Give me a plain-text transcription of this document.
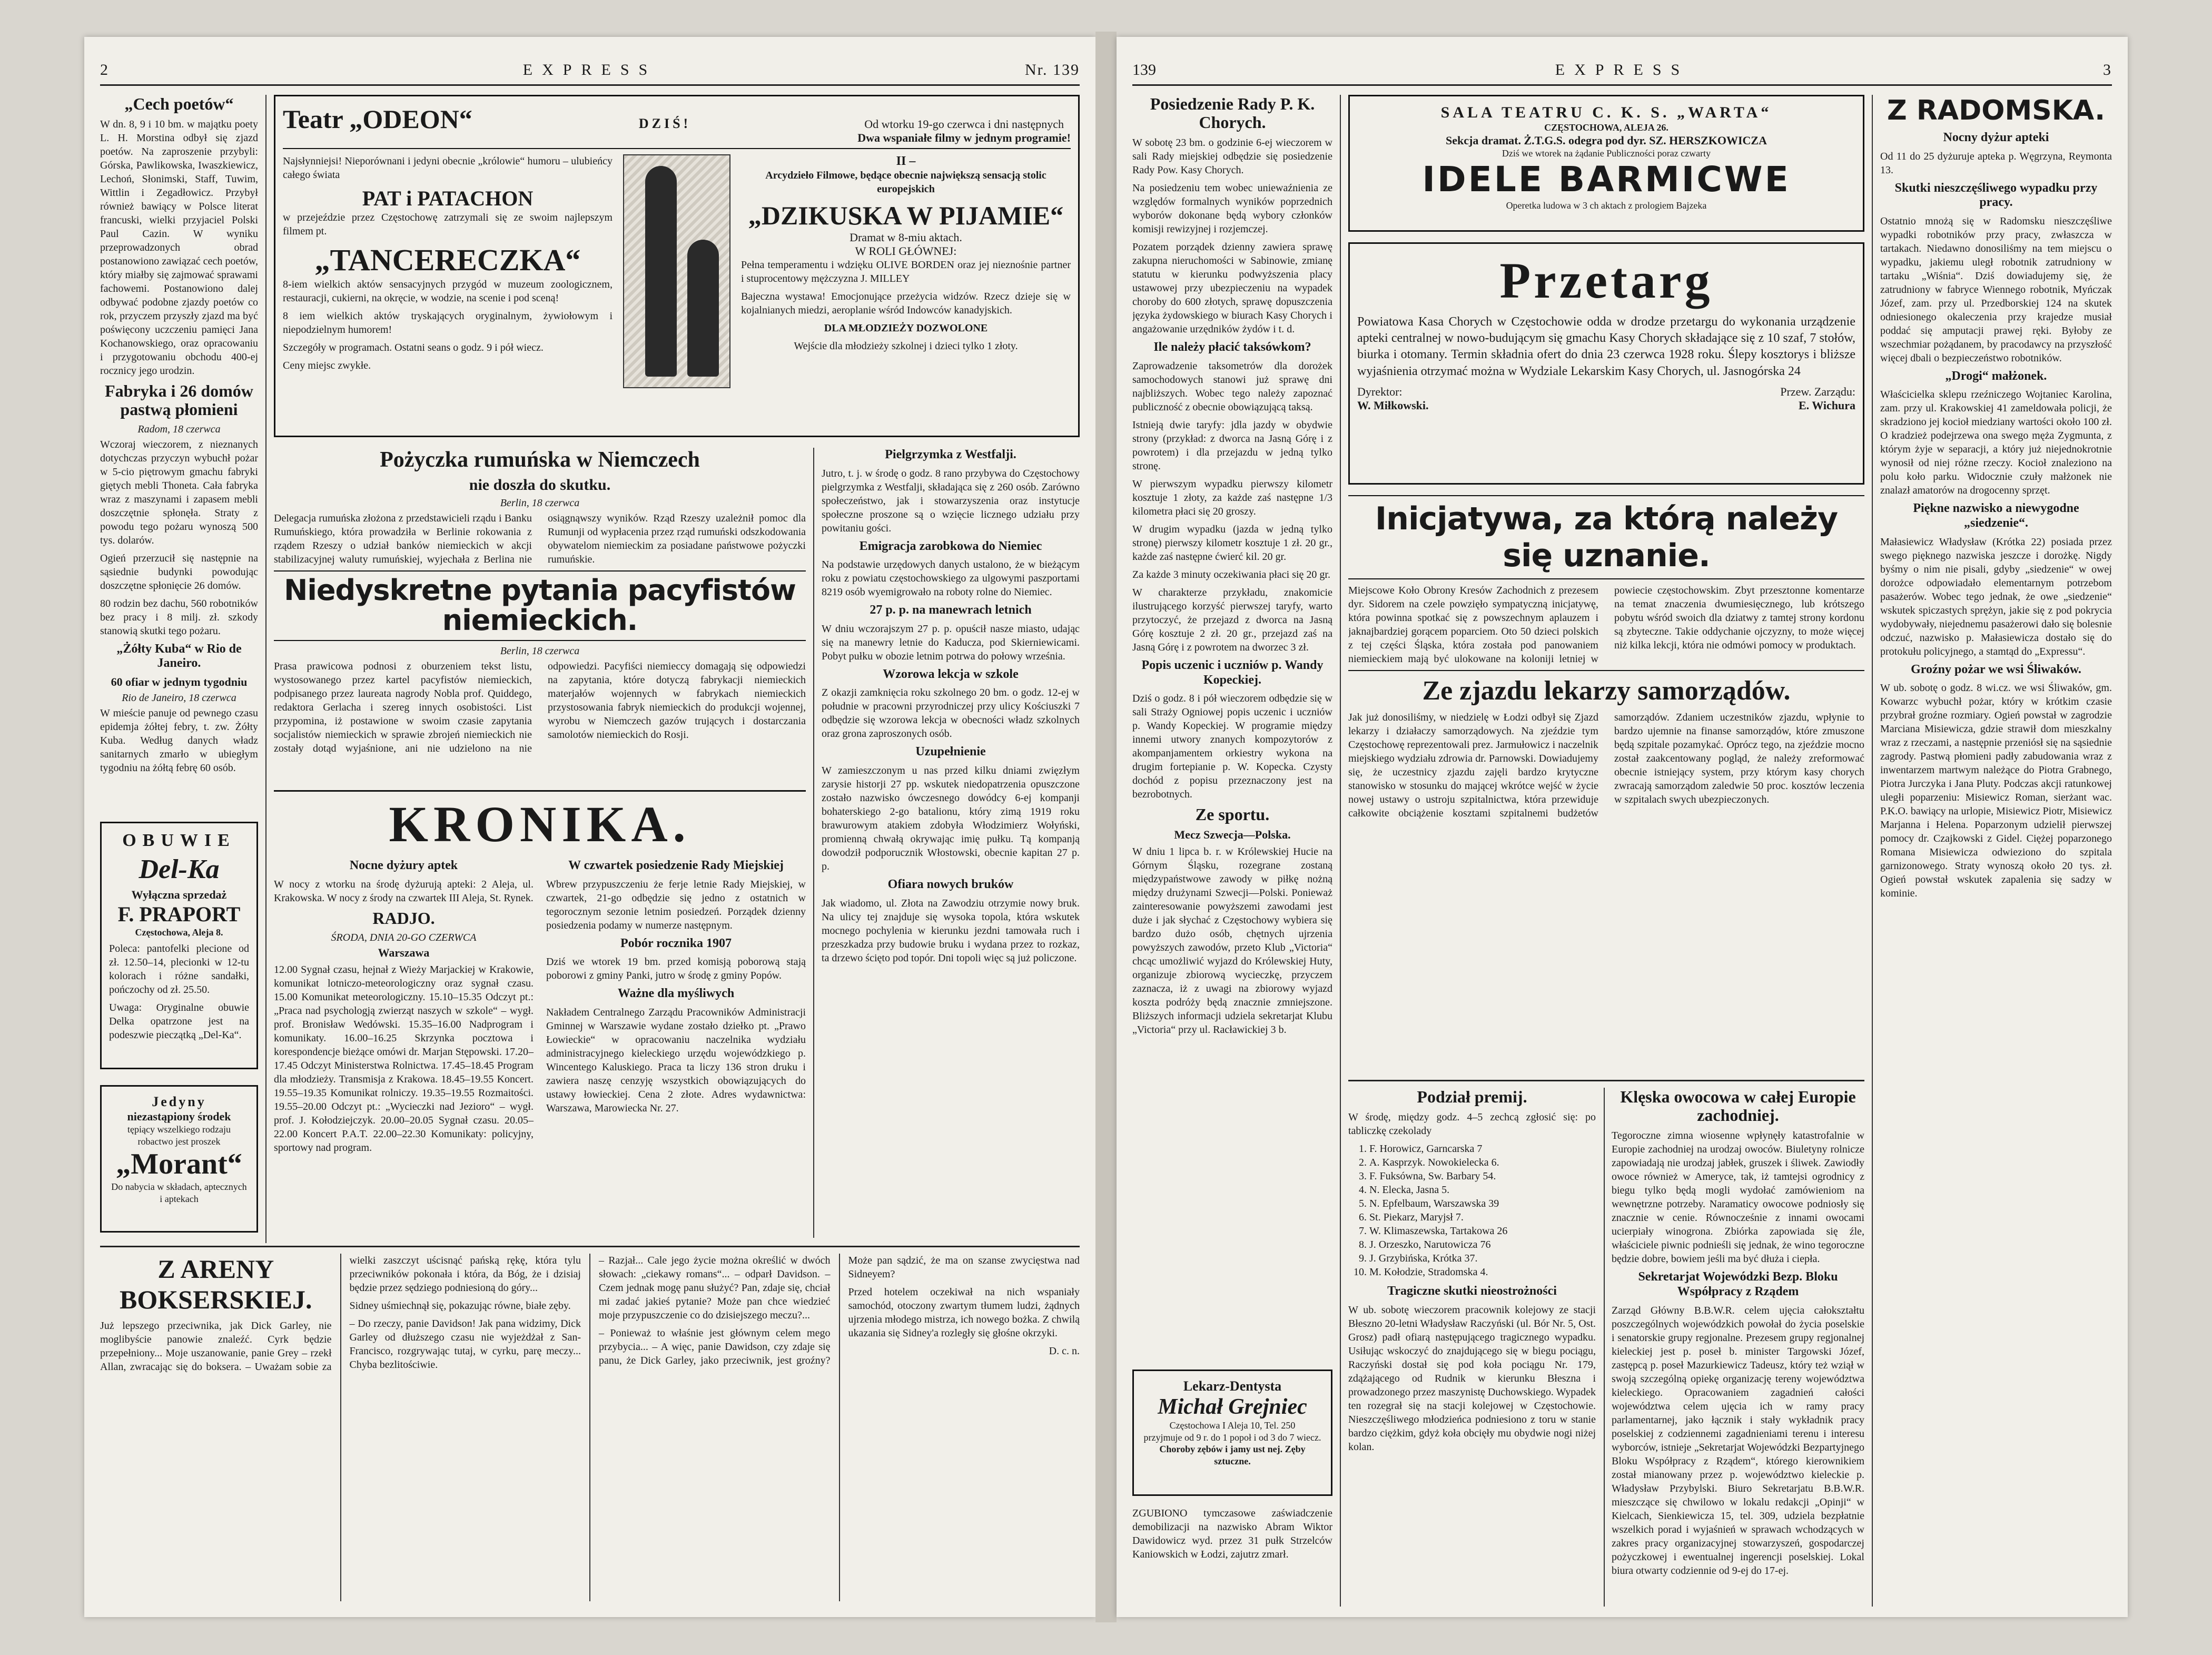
2	EXPRESS	Nr. 139
„Cech poetów“

W dn. 8, 9 i 10 bm. w majątku poety L. H. Morstina odbył się zjazd poetów. Na zaproszenie przybyli: Górska, Pawlikowska, Iwaszkiewicz, Lechoń, Słonimski, Staff, Tuwim, Wittlin i Zegadłowicz. Przybył również bawiący w Polsce literat francuski, wielki przyjaciel Polski Paul Cazin. W wyniku przeprowadzonych obrad postanowiono zawiązać cech poetów, który miałby się zajmować sprawami fachowemi. Postanowiono dalej odbywać podobne zjazdy poetów co rok, przyczem przyszły zjazd ma być poświęcony uczczeniu pamięci Jana Kochanowskiego, oraz opracowaniu i przygotowaniu obchodu 400-ej rocznicy jego urodzin.

Fabryka i 26 domów pastwą płomieni

Radom, 18 czerwca

Wczoraj wieczorem, z nieznanych dotychczas przyczyn wybuchł pożar w 5-cio piętrowym gmachu fabryki giętych mebli Thoneta. Cała fabryka wraz z maszynami i zapasem mebli doszczętnie spłonęła. Straty z powodu tego pożaru wynoszą 500 tys. dolarów.

Ogień przerzucił się następnie na sąsiednie budynki powodując doszczętne spłonięcie 26 domów.

80 rodzin bez dachu, 560 robotników bez pracy i 8 milj. zł. szkody stanowią skutki tego pożaru.

„Żółty Kuba“ w Rio de Janeiro.

60 ofiar w jednym tygodniu

Rio de Janeiro, 18 czerwca

W mieście panuje od pewnego czasu epidemja żółtej febry, t. zw. Żółty Kuba. Według danych władz sanitarnych zmarło w ubiegłym tygodniu na żółtą febrę 60 osób.

OBUWIE
Del-Ka
Wyłączna sprzedaż
F. PRAPORT
Częstochowa, Aleja 8.

Poleca: pantofelki plecione od zł. 12.50–14, plecionki w 12-tu kolorach i różne sandałki, pończochy od zł. 25.50.

Uwaga: Oryginalne obuwie Delka opatrzone jest na podeszwie pieczątką „Del-Ka“.

Jedyny
niezastąpiony środek
tępiący wszelkiego rodzaju robactwo jest proszek
„Morant“
Do nabycia w składach, aptecznych i aptekach
Teatr „ODEON“	DZIŚ!	Od wtorku 19-go czerwca i dni następnych
Dwa wspaniałe filmy w jednym programie!

Najsłynniejsi! Nieporównani i jedyni obecnie „królowie“ humoru – ulubieńcy całego świata

PAT i PATACHON

w przejeździe przez Częstochowę zatrzymali się ze swoim najlepszym filmem pt.

„TANCERECZKA“

8-iem wielkich aktów sensacyjnych przygód w muzeum zoologicznem, restauracji, cukierni, na okręcie, w wodzie, na scenie i pod sceną!

8 iem wielkich aktów tryskających oryginalnym, żywiołowym i niepodzielnym humorem!

Szczegóły w programach. Ostatni seans o godz. 9 i pół wiecz.

Ceny miejsc zwykłe.

II –

Arcydzieło Filmowe, będące obecnie największą sensacją stolic europejskich

„DZIKUSKA W PIJAMIE“
Dramat w 8-miu aktach.
W ROLI GŁÓWNEJ:

Pełna temperamentu i wdzięku OLIVE BORDEN oraz jej nieznośnie partner i stuprocentowy mężczyzna J. MILLEY

Bajeczna wystawa! Emocjonujące przeżycia widzów. Rzecz dzieje się w kojalnianych miedzi, aeroplanie wśród Indowców kanadyjskich.

DLA MŁODZIEŻY DOZWOLONE

Wejście dla młodzieży szkolnej i dzieci tylko 1 złoty.

Pożyczka rumuńska w Niemczech

nie doszła do skutku.

Berlin, 18 czerwca

Delegacja rumuńska złożona z przedstawicieli rządu i Banku Rumuńskiego, która prowadziła w Berlinie rokowania z rządem Rzeszy o udział banków niemieckich w akcji stabilizacyjnej waluty rumuńskiej, wyjechała z Berlina nie osiągnąwszy wyników. Rząd Rzeszy uzależnił pomoc dla Rumunji od wypłacenia przez rząd rumuński odszkodowania obywatelom niemieckim za posiadane państwowe pożyczki rumuńskie.

Niedyskretne pytania pacyfistów niemieckich.

Berlin, 18 czerwca

Prasa prawicowa podnosi z oburzeniem tekst listu, wystosowanego przez kartel pacyfistów niemieckich, podpisanego przez laureata nagrody Nobla prof. Quiddego, redaktora Gerlacha i szereg innych osobistości. List przypomina, iż postawione w swoim czasie zapytania socjalistów niemieckich w sprawie zbrojeń niemieckich nie zostały dotąd wyjaśnione, ani nie udzielono na nie odpowiedzi. Pacyfiści niemieccy domagają się odpowiedzi na zapytania, które dotyczą fabrykacji niemieckich materjałów wojennych w fabrykach niemieckich przystosowania fabryk niemieckich do produkcji wojennej, wyrobu w Niemczech gazów trujących i dostarczania samolotów niemieckich do Rosji.

Pielgrzymka z Westfalji.

Jutro, t. j. w środę o godz. 8 rano przybywa do Częstochowy pielgrzymka z Westfalji, składająca się z 260 osób. Zarówno społeczeństwo, jak i stowarzyszenia oraz instytucje społeczne proszone są o wzięcie licznego udziału przy powitaniu gości.

Emigracja zarobkowa do Niemiec

Na podstawie urzędowych danych ustalono, że w bieżącym roku z powiatu częstochowskiego za ulgowymi paszportami 8219 osób wyemigrowało na roboty rolne do Niemiec.

27 p. p. na manewrach letnich

W dniu wczorajszym 27 p. p. opuścił nasze miasto, udając się na manewry letnie do Kaducza, pod Skierniewicami. Pobyt pułku w obozie letnim potrwa do połowy września.

Wzorowa lekcja w szkole

Z okazji zamknięcia roku szkolnego 20 bm. o godz. 12-ej w południe w pracowni przyrodniczej przy ulicy Kościuszki 7 odbędzie się wzorowa lekcja w obecności władz szkolnych oraz grona zaproszonych osób.

Uzupełnienie

W zamieszczonym u nas przed kilku dniami zwięzłym zarysie historji 27 pp. wskutek niedopatrzenia opuszczone zostało nazwisko ówczesnego dowódcy 6-ej kompanji bohaterskiego 2-go batalionu, który zimą 1919 roku brawurowym atakiem zdobyła Włodzimierz Wołyński, promienną chwałą okrywając imię pułku. Tą kompanją dowodził podporucznik Włostowski, obecnie kapitan 27 p. p.

Ofiara nowych bruków

Jak wiadomo, ul. Złota na Zawodziu otrzymie nowy bruk. Na ulicy tej znajduje się wysoka topola, która wskutek mocnego pochylenia w kierunku jezdni tamowała ruch i przeszkadza przy budowie bruku i wydana przez to rozkaz, ta drzewo ścięto pod topór. Dni topoli więc są już policzone.

KRONIKA.
Nocne dyżury aptek

W nocy z wtorku na środę dyżurują apteki: 2 Aleja, ul. Krakowska. W nocy z środy na czwartek III Aleja, St. Rynek.

RADJO.

ŚRODA, DNIA 20-GO CZERWCA

Warszawa

12.00 Sygnał czasu, hejnał z Wieży Marjackiej w Krakowie, komunikat lotniczo-meteorologiczny oraz sygnał czasu. 15.00 Komunikat meteorologiczny. 15.10–15.35 Odczyt pt.: „Praca nad psychologją zwierząt naszych w szkole“ – wygł. prof. Bronisław Wedówski. 15.35–16.00 Nadprogram i komunikaty. 16.00–16.25 Skrzynka pocztowa i korespondencje bieżące omówi dr. Marjan Stępowski. 17.20–17.45 Odczyt Ministerstwa Rolnictwa. 17.45–18.45 Program dla młodzieży. Transmisja z Krakowa. 18.45–19.55 Koncert. 19.55–19.35 Komunikat rolniczy. 19.35–19.55 Rozmaitości. 19.55–20.00 Odczyt pt.: „Wycieczki nad Jezioro“ – wygł. prof. J. Kołodziejczyk. 20.00–20.05 Sygnał czasu. 20.05–22.00 Koncert P.A.T. 22.00–22.30 Komunikaty: policyjny, sportowy nad program.

W czwartek posiedzenie Rady Miejskiej

Wbrew przypuszczeniu że ferje letnie Rady Miejskiej, w czwartek, 21-go odbędzie się jedno z ostatnich w tegorocznym sezonie letnim posiedzeń. Porządek dzienny posiedzenia podamy w numerze następnym.

Pobór rocznika 1907

Dziś we wtorek 19 bm. przed komisją poborową stają poborowi z gminy Panki, jutro w środę z gminy Popów.

Ważne dla myśliwych

Nakładem Centralnego Zarządu Pracowników Administracji Gminnej w Warszawie wydane zostało dziełko pt. „Prawo Łowieckie“ w opracowaniu naczelnika wydziału administracyjnego kieleckiego urzędu wojewódzkiego p. Wincentego Kaluskiego. Praca ta liczy 136 stron druku i zawiera naszę cenzyję wszystkich obowiązujących do ustawy łowieckiej. Cena 2 złote. Adres wydawnictwa: Warszawa, Marowiecka Nr. 27.

Z ARENY BOKSERSKIEJ.

Już lepszego przeciwnika, jak Dick Garley, nie moglibyście panowie znaleźć. Cyrk będzie przepełniony... Moje uszanowanie, panie Grey – rzekł Allan, zwracając się do boksera. – Uważam sobie za wielki zaszczyt uścisnąć pańską rękę, która tylu przeciwników pokonała i która, da Bóg, że i dzisiaj będzie przez sędziego podniesioną do góry...

Sidney uśmiechnął się, pokazując równe, białe zęby.

– Do rzeczy, panie Davidson! Jak pana widzimy, Dick Garley od dłuższego czasu nie wyjeżdżał z San-Francisco, rozgrywając tutaj, w cyrku, parę meczy... Chyba bezlitościwie.

– Razjał... Cale jego życie można określić w dwóch słowach: „ciekawy romans“... – odparł Davidson. – Czem jednak mogę panu służyć? Pan, zdaje się, chciał mi zadać jakieś pytanie? Może pan chce wiedzieć moje przypuszczenie co do dzisiejszego meczu?...

– Ponieważ to właśnie jest głównym celem mego przybycia... – A więc, panie Dawidson, czy zdaje się panu, że Dick Garley, jako przeciwnik, jest groźny? Może pan sądzić, że ma on szanse zwycięstwa nad Sidneyem?

Przed hotelem oczekiwał na nich wspaniały samochód, otoczony zwartym tłumem ludzi, żądnych ujrzenia młodego mistrza, ich nowego bożka. Z chwilą ukazania się Sidney'a rozległy się głośne okrzyki.

D. c. n.

139	EXPRESS	3
Posiedzenie Rady P. K. Chorych.

W sobotę 23 bm. o godzinie 6-ej wieczorem w sali Rady miejskiej odbędzie się posiedzenie Rady Pow. Kasy Chorych.

Na posiedzeniu tem wobec uniewaźnienia ze względów formalnych wyników poprzednich wyborów dokonane będą wybory członków komisji rewizyjnej i rozjemczej.

Pozatem porządek dzienny zawiera sprawę zakupna nieruchomości w Sabinowie, zmianę statutu w kierunku podwyższenia placy ustawowej przy ubezpieczeniu na wypadek choroby do 600 złotych, sprawę dopuszczenia języka żydowskiego w biurach Kasy Chorych i angażowanie urzędników żydów i t. d.

Ile należy płacić taksówkom?

Zaprowadzenie taksometrów dla dorożek samochodowych stanowi już sprawę dni najbliższych. Wobec tego należy zapoznać publiczność z obecnie obowiązującą taksą.

Istnieją dwie taryfy: jdla jazdy w obydwie strony (przykład: z dworca na Jasną Górę i z powrotem) i dla przejazdu w jedną tylko stronę.

W pierwszym wypadku pierwszy kilometr kosztuje 1 złoty, za każde zaś następne 1/3 kilometra płaci się 20 groszy.

W drugim wypadku (jazda w jedną tylko stronę) pierwszy kilometr kosztuje 1 zł. 20 gr., każde zaś następne ćwierć kil. 20 gr.

Za każde 3 minuty oczekiwania płaci się 20 gr.

W charakterze przykładu, znakomicie ilustrującego korzyść pierwszej taryfy, warto przytoczyć, że przejazd z dworca na Jasną Górę kosztuje 2 zł. 20 gr., przejazd zaś na Jasną Górę i z powrotem na dworzec 3 zł.

Popis uczenic i uczniów p. Wandy Kopeckiej.

Dziś o godz. 8 i pół wieczorem odbędzie się w sali Straży Ogniowej popis uczenic i uczniów p. Wandy Kopeckiej. W programie między innemi utwory znanych kompozytorów z akompanjamentem orkiestry wykona na drugim fortepianie p. W. Kopecka. Czysty dochód z popisu przeznaczony jest na bezrobotnych.

Ze sportu.

Mecz Szwecja—Polska.

W dniu 1 lipca b. r. w Królewskiej Hucie na Górnym Śląsku, rozegrane zostaną międzypaństwowe zawody w piłkę nożną między drużynami Szwecji—Polski. Ponieważ zainteresowanie powyższemi zawodami jest duże i jak słychać z Częstochowy wybiera się bardzo dużo osób, chętnych ujrzenia powyższych zawodów, przeto Klub „Victoria“ chcąc umożliwić wyjazd do Królewskiej Huty, organizuje zbiorową wycieczkę, przyczem zaznacza, iż z uwagi na zbiorowy wyjazd koszta podróży będą znacznie zmniejszone. Bliższych informacji udziela sekretarjat Klubu „Victoria“ przy ul. Racławickiej 3 b.

Lekarz-Dentysta
Michał Grejniec
Częstochowa I Aleja 10, Tel. 250
przyjmuje od 9 r. do 1 popoł i od 3 do 7 wiecz.
Choroby zębów i jamy ust nej. Zęby sztuczne.

ZGUBIONO tymczasowe zaświadczenie demobilizacji na nazwisko Abram Wiktor Dawidowicz wyd. przez 31 pułk Strzelców Kaniowskich w Łodzi, zajutrz zmarł.

SALA TEATRU C. K. S. „WARTA“
CZĘSTOCHOWA, ALEJA 26.
Sekcja dramat. Ż.T.G.S. odegra pod dyr. SZ. HERSZKOWICZA
Dziś we wtorek na żądanie Publiczności poraz czwarty
IDELE BARMICWE
Operetka ludowa w 3 ch aktach z prologiem Bajzeka
Przetarg

Powiatowa Kasa Chorych w Częstochowie odda w drodze przetargu do wykonania urządzenie apteki centralnej w nowo-budującym się gmachu Kasy Chorych składające się z 10 szaf, 7 stołów, biurka i otomany. Termin składnia ofert do dnia 23 czerwca 1928 roku. Ślepy kosztorys i bliższe wyjaśnienia otrzymać można w Wydziale Lekarskim Kasy Chorych, ul. Jasnogórska 24

Dyrektor:
W. Miłkowski.
Przew. Zarządu:
E. Wichura
Inicjatywa, za którą należy się uznanie.

Miejscowe Koło Obrony Kresów Zachodnich z prezesem dyr. Sidorem na czele powzięło sympatyczną inicjatywę, która powinna spotkać się z powszechnym aplauzem i jaknajbardziej gorącem poparciem. Oto 50 dzieci polskich z tej części Śląska, która została pod panowaniem niemieckiem mają być ulokowane na koloniji letniej w powiecie częstochowskim. Zbyt przesztonne komentarze na temat znaczenia dwumiesięcznego, lub krótszego pobytu wśród swoich dla dziatwy z tamtej strony kordonu są zbyteczne. Takie oddychanie ojczyzny, to może więcej niż kilka lekcji, która nie odmówi pomocy w produktach.

Ze zjazdu lekarzy samorządów.

Jak już donosiliśmy, w niedzielę w Łodzi odbył się Zjazd lekarzy i działaczy samorządowych. Na zjeździe tym Częstochowę reprezentowali prez. Jarmułowicz i naczelnik miejskiego wydziału zdrowia dr. Parnowski. Dowiadujemy się, że uczestnicy zjazdu zajęli bardzo krytyczne stanowisko w stosunku do mającej wkrótce wejść w życie nowej ustawy o ustroju szpitalnictwa, która przewiduje całkowite obciążenie kosztami szpitalnemi budżetów samorządów. Zdaniem uczestników zjazdu, wpłynie to bardzo ujemnie na finanse samorządów, które zmuszone będą szpitale pozamykać. Oprócz tego, na zjeździe mocno został zaakcentowany pogląd, że należy zreformować obecnie istniejący system, przy którym kasy chorych zwracają samorządom zaledwie 50 proc. kosztów leczenia w szpitalach swych ubezpieczonych.

Podział premij.

W środę, między godz. 4–5 zechcą zgłosić się: po tabliczkę czekolady

1. F. Horowicz, Garncarska 7
2. A. Kasprzyk. Nowokielecka 6.
3. F. Fuksówna, Sw. Barbary 54.
4. N. Elecka, Jasna 5.
5. N. Epfelbaum, Warszawska 39
6. St. Piekarz, Maryjsł 7.
7. W. Klimaszewska, Tartakowa 26
8. J. Orzeszko, Narutowicza 76
9. J. Grzybińska, Krótka 37.
10. M. Kołodzie, Stradomska 4.
Tragiczne skutki nieostrożności

W ub. sobotę wieczorem pracownik kolejowy ze stacji Błeszno 20-letni Władysław Raczyński (ul. Bór Nr. 5, Ost. Grosz) padł ofiarą następującego tragicznego wypadku. Usiłując wskoczyć do znajdującego się w biegu pociągu, Raczyński dostał się pod koła pociągu Nr. 179, zdążającego od Rudnik w kierunku Błeszna i prowadzonego przez maszynistę Duchowskiego. Wypadek ten rozegrał się na stacji kolejowej w Częstochowie. Nieszczęśliwego młodzieńca podniesiono z toru w stanie bardzo ciężkim, gdyż koła obcięły mu obydwie nogi niżej kolan.

Klęska owocowa w całej Europie zachodniej.

Tegoroczne zimna wiosenne wpłynęły katastrofalnie w Europie zachodniej na urodzaj owoców. Biuletyny rolnicze zapowiadają nie urodzaj jabłek, gruszek i śliwek. Zawiodły owoce również w Ameryce, tak, iż tamtejsi ogrodnicy z biegu tylko będą mogli wydołać zamówieniom na wewnętrzne potrzeby. Naramaticy owocowe podniosły się znacznie w cenie. Równocześnie z innami owocami ucierpiały winogrona. Zbiórka zapowiada się źle, właściciele piwnic podnieśli się jednak, że wino tegoroczne będzie dobre, bowiem jeśli ma być dłuża i ciepła.

Sekretarjat Wojewódzki Bezp. Bloku Współpracy z Rządem

Zarząd Główny B.B.W.R. celem ujęcia całokształtu poszczególnych wojewódzkich powołał do życia poselskie i senatorskie grupy regjonalne. Prezesem grupy regjonalnej kieleckiej jest p. poseł b. minister Targowski Józef, zastępcą p. poseł Mazurkiewicz Tadeusz, który też wziął w swoją szczególną opiekę organizację tereny województwa kieleckiego. Opracowaniem zagadnień całości województwa celem ujęcia ich w ramy pracy parlamentarnej, jako łącznik i stały wykładnik pracy poselskiej z codziennemi zagadnieniami terenu i interesu wyborców, istnieje „Sekretarjat Wojewódzki Bezpartyjnego Bloku Współpracy z Rządem“, którego kierownikiem został mianowany przez p. województwo kieleckie p. Władysław Przybylski. Biuro Sekretarjatu B.B.W.R. mieszczące się chwilowo w lokalu redakcji „Opinji“ w Kielcach, Sienkiewicza 15, tel. 309, udziela bezpłatnie wszelkich porad i wyjaśnień w sprawach wchodzących w zakres pracy organizacyjnej stowarzyszeń, gospodarczej pożyczkowej i ewentualnej ingerencji poselskiej. Lokal biura otwarty codziennie od 9-ej do 17-ej.

Z RADOMSKA.
Nocny dyżur apteki

Od 11 do 25 dyżuruje apteka p. Węgrzyna, Reymonta 13.

Skutki nieszczęśliwego wypadku przy pracy.

Ostatnio mnożą się w Radomsku nieszczęśliwe wypadki robotników przy pracy, zwłaszcza w tartakach. Niedawno donosiliśmy na tem miejscu o wypadku, jakiemu uległ robotnik zatrudniony w tartaku „Wiśnia“. Dziś dowiadujemy się, że zatrudniony w fabryce Wiennego robotnik, Myńczak Józef, zam. przy ul. Przedborskiej 124 na skutek odniesionego okaleczenia przy krajedze musiał poddać się amputacji prawej ręki. Byłoby ze wszechmiar pożądanem, by pracodawcy na przyszłość więcej dbali o bezpieczeństwo robotników.

„Drogi“ małżonek.

Właścicielka sklepu rzeźniczego Wojtaniec Karolina, zam. przy ul. Krakowskiej 41 zameldowała policji, że skradziono jej kocioł miedziany wartości około 100 zł. O kradzież podejrzewa ona swego męża Zygmunta, z którym żyje w separacji, a który już niejednokrotnie wynosił od niej różne rzeczy. Kocioł znaleziono na polu koło parku. Widocznie czuły małżonek nie znalazł amatorów na drogocenny sprzęt.

Piękne nazwisko a niewygodne „siedzenie“.

Małasiewicz Władysław (Krótka 22) posiada przez swego pięknego nazwiska jeszcze i dorożkę. Nigdy byśmy o nim nie pisali, gdyby „siedzenie“ w owej dorożce odpowiadało elementarnym potrzebom pasażerów. Wobec tego jednak, że owe „siedzenie“ wskutek spiczastych sprężyn, jakie się z pod pokrycia wydobywały, niejednemu pasażerowi dało się bolesnie odczuć, nazwisko p. Małasiewicza dostało się do protokułu policyjnego, a stamtąd do „Expressu“.

Groźny pożar we wsi Śliwaków.

W ub. sobotę o godz. 8 wi.cz. we wsi Śliwaków, gm. Kowarzc wybuchł pożar, który w krótkim czasie przybrał groźne rozmiary. Ogień powstał w zagrodzie Marciana Misiewicza, gdzie strawił dom mieszkalny wraz z rzeczami, a następnie przeniósł się na sąsiednie zagrody. Pastwą płomieni padły zabudowania wraz z inwentarzem martwym należące do Piotra Grabnego, Piotra Jurczyka i Jana Pluty. Podczas akcji ratunkowej uległi poparzeniu: Misiewicz Roman, sierżant wac. P.K.O. bawiący na urlopie, Misiewicz Piotr, Misiewicz Marjanna i Helena. Poparzonym udzielił pierwszej pomocy dr. Czajkowski z Gidel. Ciężej poparzonego Romana Misiewicza odwieziono do szpitala garnizonowego. Straty wynoszą około 20 tys. zł. Ogień powstał wskutek zapalenia się sadzy w kominie.
